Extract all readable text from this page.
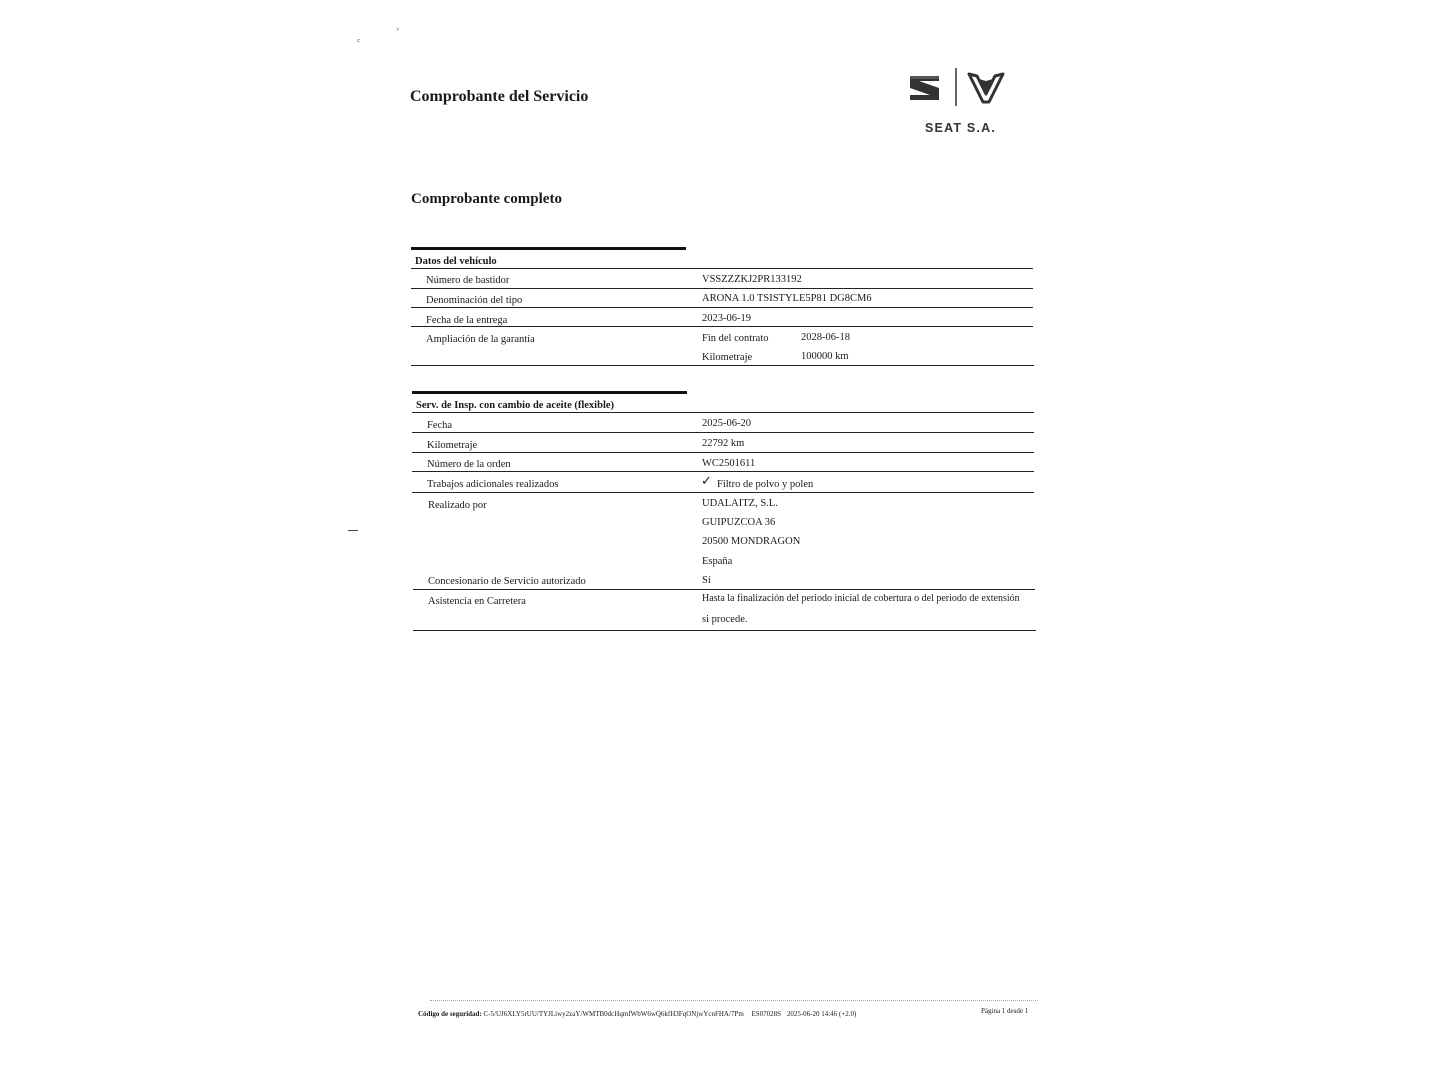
Comprobante del Servicio
SEAT S.A.
Comprobante completo
Datos del vehículo
Número de bastidor	VSSZZZKJ2PR133192
Denominación del tipo	ARONA 1.0 TSISTYLE5P81 DG8CM6
Fecha de la entrega	2023-06-19
Ampliación de la garantía	Fin del contrato	2028-06-18
Kilometraje	100000 km
Serv. de Insp. con cambio de aceite (flexible)
Fecha	2025-06-20
Kilometraje	22792 km
Número de la orden	WC2501611
Trabajos adicionales realizados	✓ Filtro de polvo y polen
Realizado por	UDALAITZ, S.L.
GUIPUZCOA 36
20500 MONDRAGON
España
Concesionario de Servicio autorizado	Sí
Asistencia en Carretera	Hasta la finalización del periodo inicial de cobertura o del periodo de extensión
si procede.
ʳ
ᶜ
Código de seguridad: C-5/UJ6XLY5rUU/TYJLiwy2zaY/WMTB0dcHqmfWbW6wQ6kfH3FqONjwYcnFHA/7Pm ES07028S 2025-06-20 14:46 (+2.0)	Página 1 desde 1
